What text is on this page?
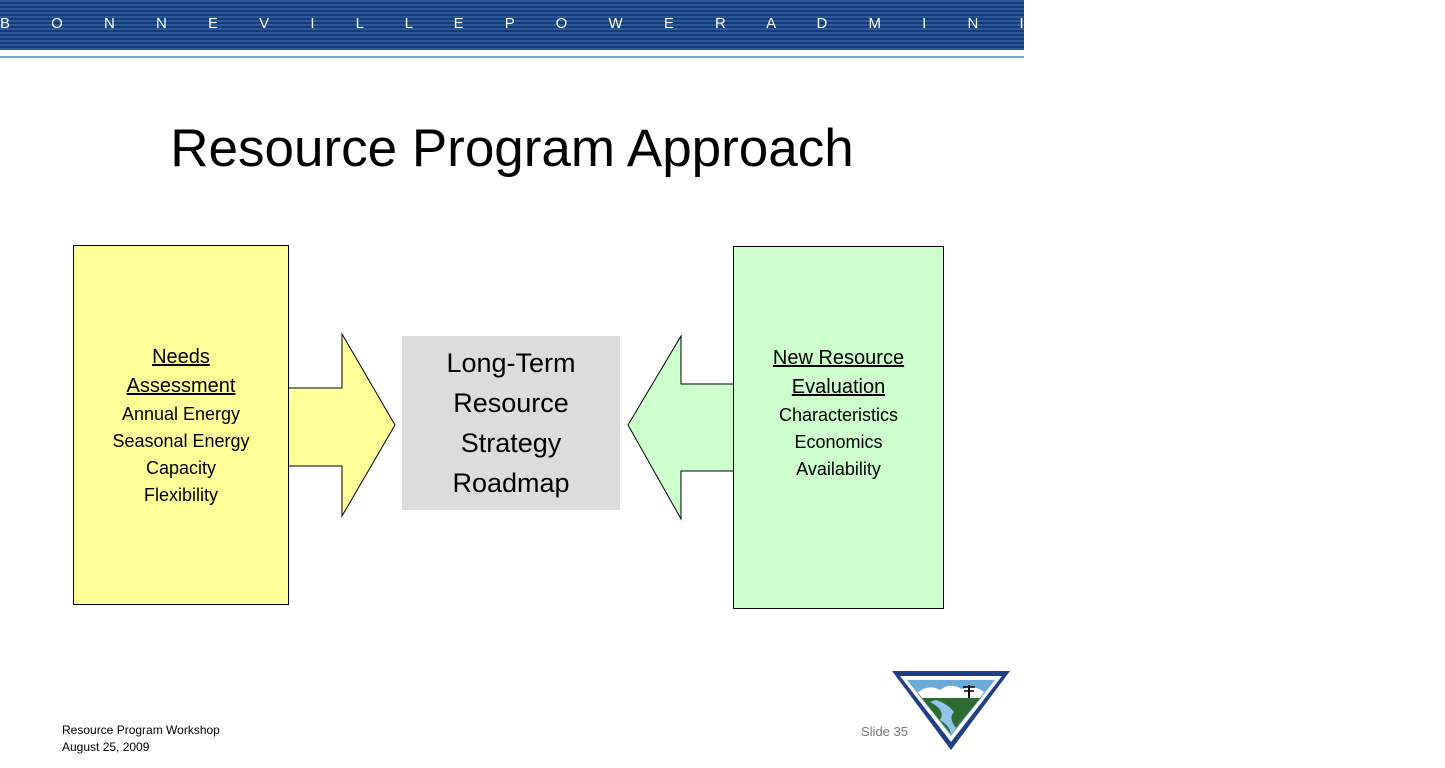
B O N N E V I L L E P O W E R A D M I N I S T R A T I O N
Resource Program Approach
Needs
Assessment
Annual Energy
Seasonal Energy
Capacity
Flexibility
Long-Term
Resource
Strategy
Roadmap
New Resource
Evaluation
Characteristics
Economics
Availability
Resource Program Workshop
August 25, 2009
Slide 35
